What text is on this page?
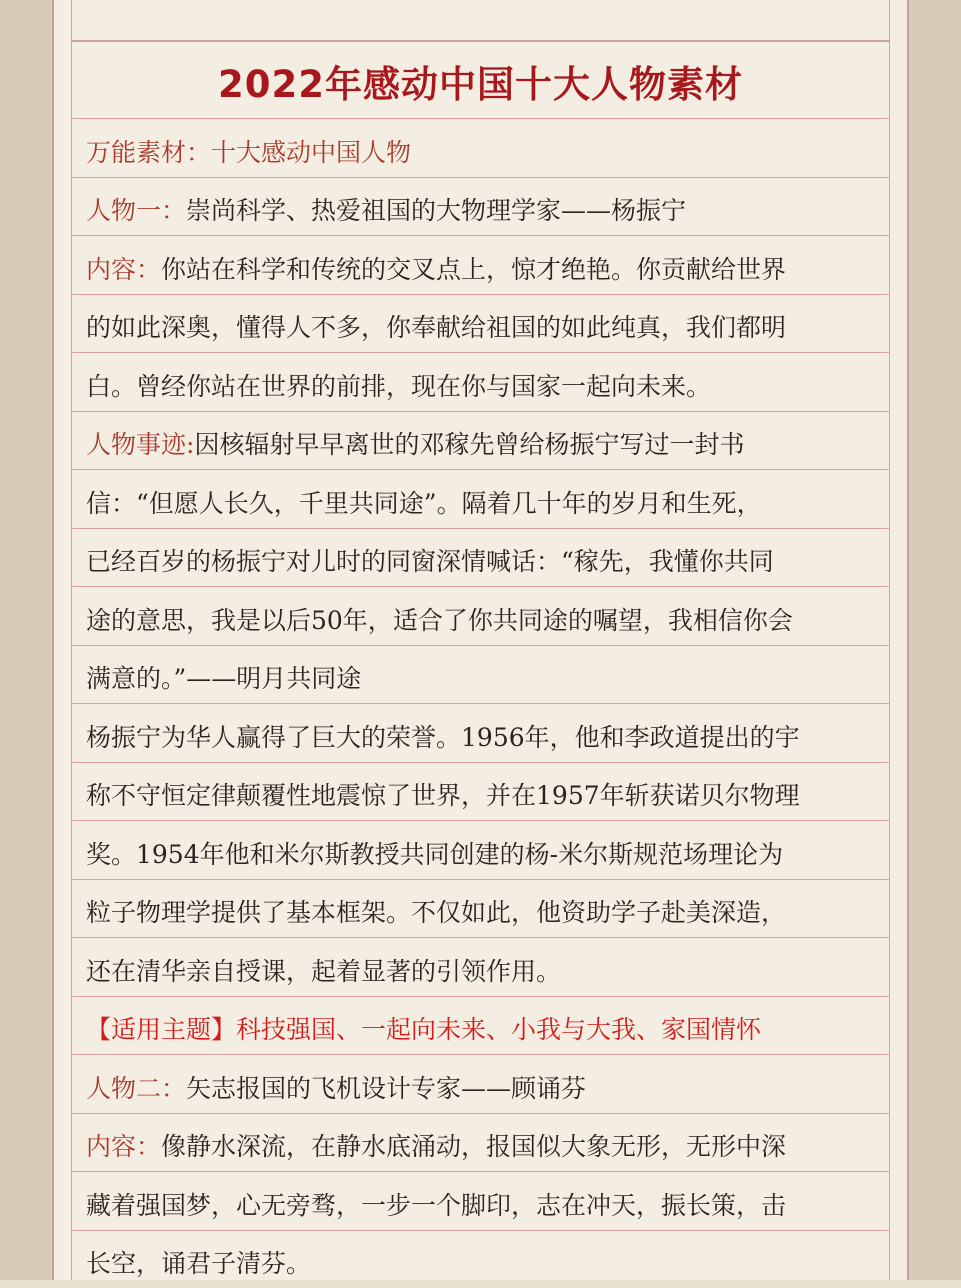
2022年感动中国十大人物素材
万能素材： 十大感动中国人物
人物一： 崇尚科学、热爱祖国的大物理学家——杨振宁
内容： 你站在科学和传统的交叉点上，惊才绝艳。你贡献给世界
的如此深奥，懂得人不多，你奉献给祖国的如此纯真，我们都明
白。曾经你站在世界的前排，现在你与国家一起向未来。
人物事迹: 因核辐射早早离世的邓稼先曾给杨振宁写过一封书
信：“但愿人长久，千里共同途”。隔着几十年的岁月和生死，
已经百岁的杨振宁对儿时的同窗深情喊话：“稼先，我懂你共同
途的意思，我是以后50年，适合了你共同途的嘱望，我相信你会
满意的。”——明月共同途
杨振宁为华人赢得了巨大的荣誉。1956年，他和李政道提出的宇
称不守恒定律颠覆性地震惊了世界，并在1957年斩获诺贝尔物理
奖。1954年他和米尔斯教授共同创建的杨-米尔斯规范场理论为
粒子物理学提供了基本框架。不仅如此，他资助学子赴美深造，
还在清华亲自授课，起着显著的引领作用。
【适用主题】 科技强国、一起向未来、小我与大我、家国情怀
人物二： 矢志报国的飞机设计专家——顾诵芬
内容： 像静水深流，在静水底涌动，报国似大象无形，无形中深
藏着强国梦，心无旁骛，一步一个脚印，志在冲天，振长策，击
长空，诵君子清芬。
